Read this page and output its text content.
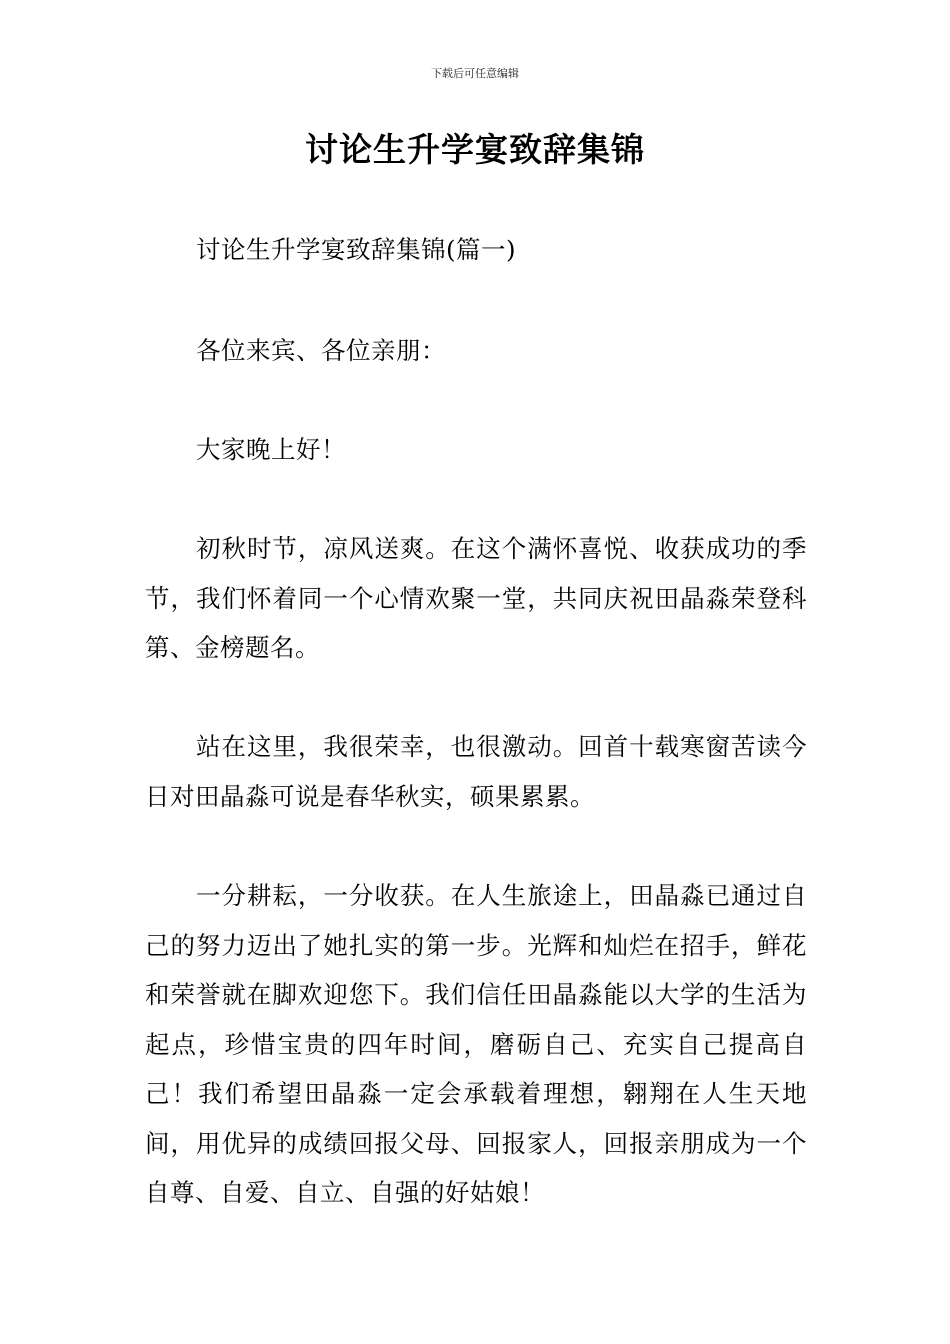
下载后可任意编辑
讨论生升学宴致辞集锦

讨论生升学宴致辞集锦(篇一)

各位来宾、各位亲朋：

大家晚上好！

初秋时节，凉风送爽。在这个满怀喜悦、收获成功的季节，我们怀着同一个心情欢聚一堂，共同庆祝田晶淼荣登科第、金榜题名。

站在这里，我很荣幸，也很激动。回首十载寒窗苦读今日对田晶淼可说是春华秋实，硕果累累。

一分耕耘，一分收获。在人生旅途上，田晶淼已通过自己的努力迈出了她扎实的第一步。光辉和灿烂在招手，鲜花和荣誉就在脚欢迎您下。我们信任田晶淼能以大学的生活为起点，珍惜宝贵的四年时间，磨砺自己、充实自己提高自己！我们希望田晶淼一定会承载着理想，翱翔在人生天地间，用优异的成绩回报父母、回报家人，回报亲朋成为一个自尊、自爱、自立、自强的好姑娘！
